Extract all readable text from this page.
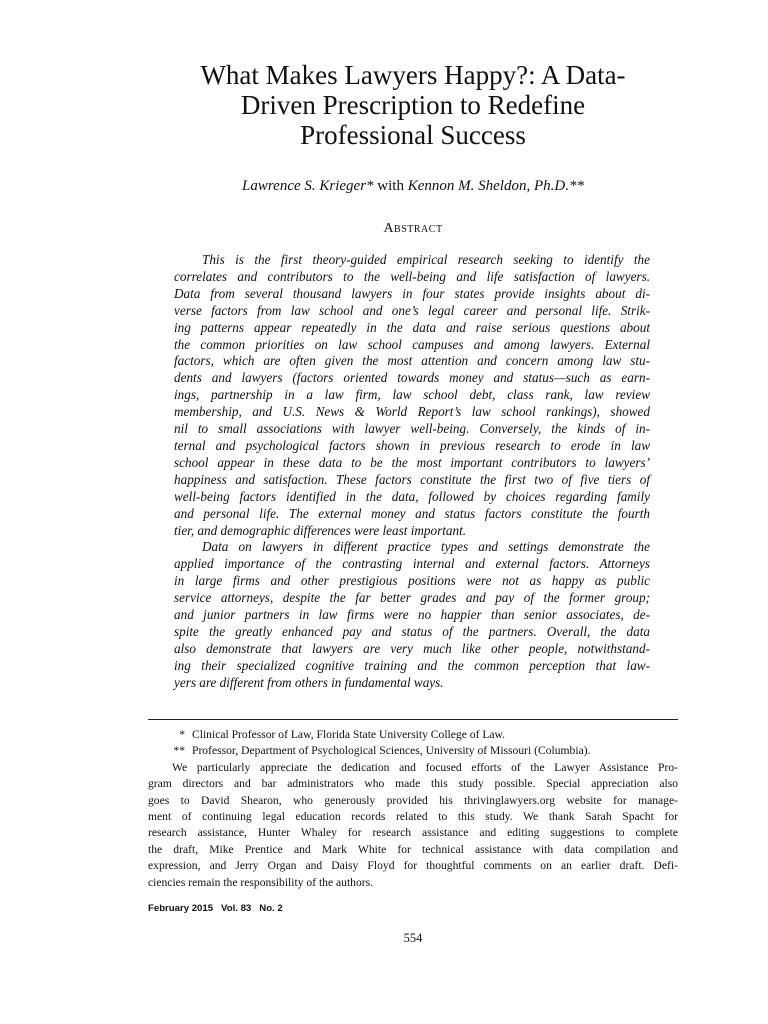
What Makes Lawyers Happy?: A Data-
Driven Prescription to Redefine
Professional Success

Lawrence S. Krieger* with Kennon M. Sheldon, Ph.D.**

Abstract
This is the first theory-guided empirical research seeking to identify the
correlates and contributors to the well-being and life satisfaction of lawyers.
Data from several thousand lawyers in four states provide insights about di-
verse factors from law school and one’s legal career and personal life. Strik-
ing patterns appear repeatedly in the data and raise serious questions about
the common priorities on law school campuses and among lawyers. External
factors, which are often given the most attention and concern among law stu-
dents and lawyers (factors oriented towards money and status—such as earn-
ings, partnership in a law firm, law school debt, class rank, law review
membership, and U.S. News & World Report’s law school rankings), showed
nil to small associations with lawyer well-being. Conversely, the kinds of in-
ternal and psychological factors shown in previous research to erode in law
school appear in these data to be the most important contributors to lawyers’
happiness and satisfaction. These factors constitute the first two of five tiers of
well-being factors identified in the data, followed by choices regarding family
and personal life. The external money and status factors constitute the fourth
tier, and demographic differences were least important.
Data on lawyers in different practice types and settings demonstrate the
applied importance of the contrasting internal and external factors. Attorneys
in large firms and other prestigious positions were not as happy as public
service attorneys, despite the far better grades and pay of the former group;
and junior partners in law firms were no happier than senior associates, de-
spite the greatly enhanced pay and status of the partners. Overall, the data
also demonstrate that lawyers are very much like other people, notwithstand-
ing their specialized cognitive training and the common perception that law-
yers are different from others in fundamental ways.
* Clinical Professor of Law, Florida State University College of Law.
** Professor, Department of Psychological Sciences, University of Missouri (Columbia).
We particularly appreciate the dedication and focused efforts of the Lawyer Assistance Pro-
gram directors and bar administrators who made this study possible. Special appreciation also
goes to David Shearon, who generously provided his thrivinglawyers.org website for manage-
ment of continuing legal education records related to this study. We thank Sarah Spacht for
research assistance, Hunter Whaley for research assistance and editing suggestions to complete
the draft, Mike Prentice and Mark White for technical assistance with data compilation and
expression, and Jerry Organ and Daisy Floyd for thoughtful comments on an earlier draft. Defi-
ciencies remain the responsibility of the authors.

February 2015   Vol. 83   No. 2

554
